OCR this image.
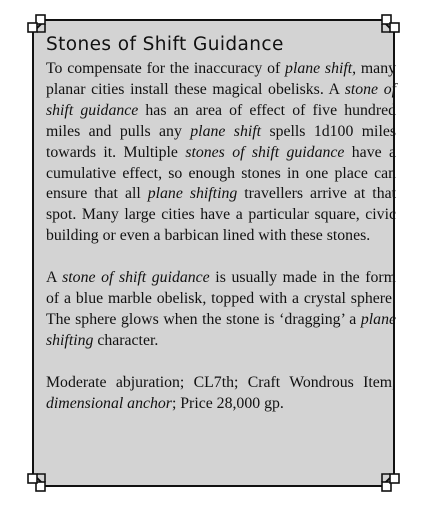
Stones of Shift Guidance

To compensate for the inaccuracy of plane shift, many planar cities install these magical obelisks. A stone of shift guidance has an area of effect of five hundred miles and pulls any plane shift spells 1d100 miles towards it. Multiple stones of shift guidance have a cumulative effect, so enough stones in one place can ensure that all plane shifting travellers arrive at that spot. Many large cities have a particular square, civic building or even a barbican lined with these stones.

A stone of shift guidance is usually made in the form of a blue marble obelisk, topped with a crystal sphere. The sphere glows when the stone is ‘dragging’ a plane shifting character.

Moderate abjuration; CL7th; Craft Wondrous Item, dimensional anchor; Price 28,000 gp.
